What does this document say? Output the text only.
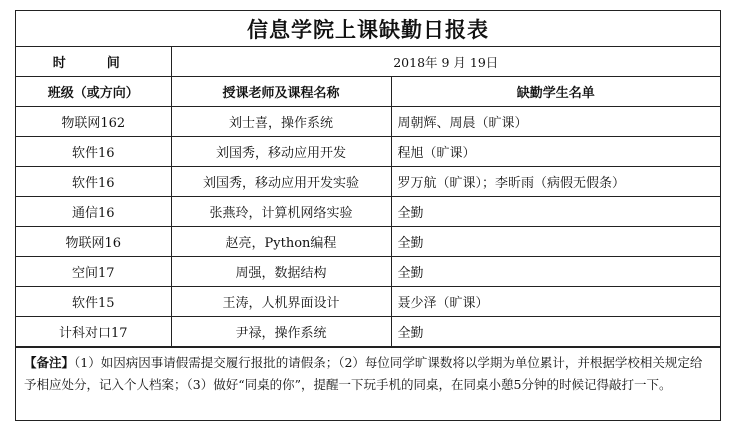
信息学院上课缺勤日报表		
时　间	2018年 9 月 19日	
班级（或方向）	授课老师及课程名称	缺勤学生名单
物联网162	刘士喜，操作系统	周朝辉、周晨（旷课）
软件16	刘国秀，移动应用开发	程旭（旷课）
软件16	刘国秀，移动应用开发实验	罗万航（旷课）；李昕雨（病假无假条）
通信16	张燕玲，计算机网络实验	全勤
物联网16	赵亮，Python编程	全勤
空间17	周强，数据结构	全勤
软件15	王涛，人机界面设计	聂少泽（旷课）
计科对口17	尹禄，操作系统	全勤
【备注】（1）如因病因事请假需提交履行报批的请假条；（2）每位同学旷课数将以学期为单位累计，并根据学校相关规定给予相应处分，记入个人档案；（3）做好“同桌的你”，提醒一下玩手机的同桌，在同桌小憩5分钟的时候记得敲打一下。
